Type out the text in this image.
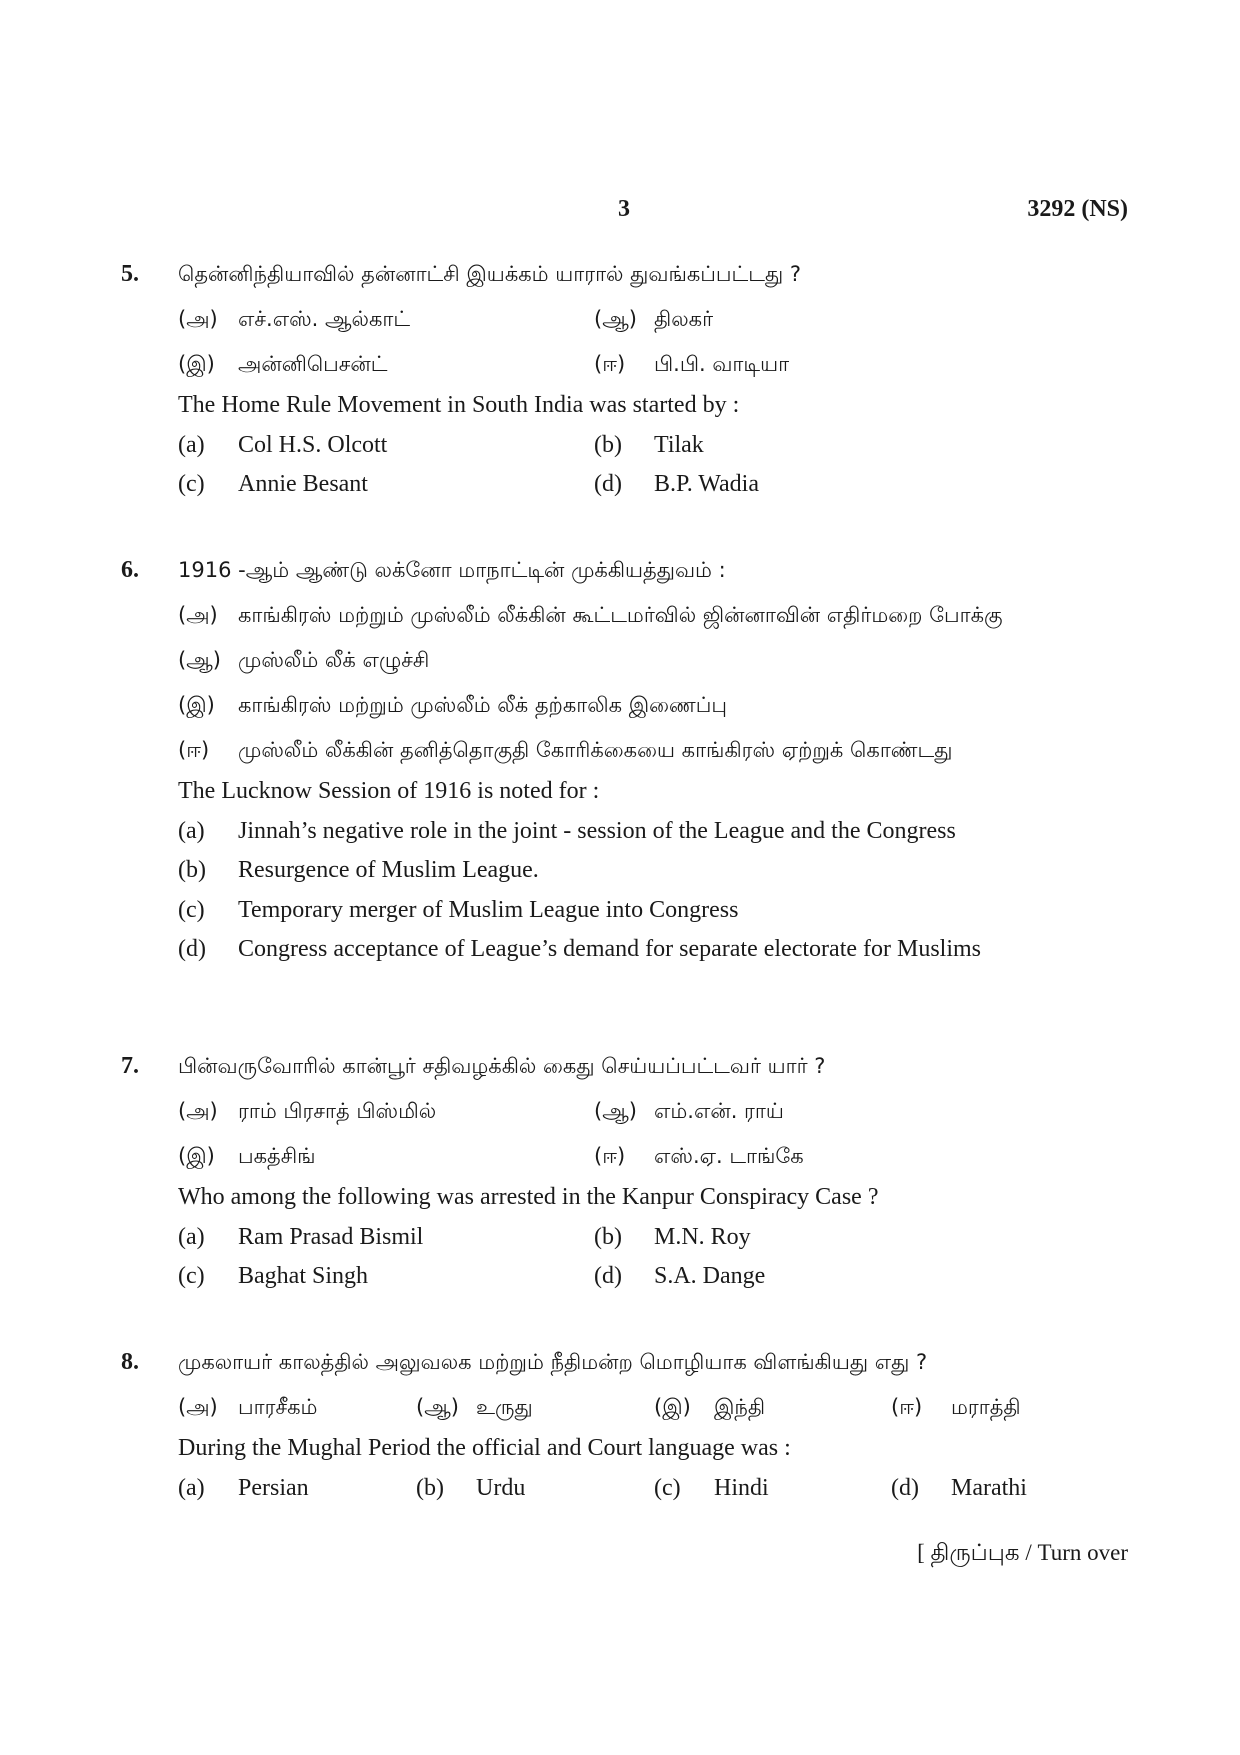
3	3292 (NS)
5.	தென்னிந்தியாவில் தன்னாட்சி இயக்கம் யாரால் துவங்கப்பட்டது ?
(அ) எச்.எஸ். ஆல்காட்	(ஆ) திலகர்
(இ)	அன்னிபெசன்ட்	(ஈ)	பி.பி. வாடியா
The Home Rule Movement in South India was started by :
(a)	Col H.S. Olcott	(b)	Tilak
(c)	Annie Besant	(d)	B.P. Wadia
6.	1916 -ஆம் ஆண்டு லக்னோ மாநாட்டின் முக்கியத்துவம் :
(அ) காங்கிரஸ் மற்றும் முஸ்லீம் லீக்கின் கூட்டமர்வில் ஜின்னாவின் எதிர்மறை போக்கு
(ஆ) முஸ்லீம் லீக் எழுச்சி
(இ)	காங்கிரஸ் மற்றும் முஸ்லீம் லீக் தற்காலிக இணைப்பு
(ஈ)	முஸ்லீம் லீக்கின் தனித்தொகுதி கோரிக்கையை காங்கிரஸ் ஏற்றுக் கொண்டது
The Lucknow Session of 1916 is noted for :
(a)	Jinnah’s negative role in the joint - session of the League and the Congress
(b)	Resurgence of Muslim League.
(c)	Temporary merger of Muslim League into Congress
(d)	Congress acceptance of League’s demand for separate electorate for Muslims
7.	பின்வருவோரில் கான்பூர் சதிவழக்கில் கைது செய்யப்பட்டவர் யார் ?
(அ) ராம் பிரசாத் பிஸ்மில்	(ஆ) எம்.என். ராய்
(இ)	பகத்சிங்	(ஈ)	எஸ்.ஏ. டாங்கே
Who among the following was arrested in the Kanpur Conspiracy Case ?
(a)	Ram Prasad Bismil	(b)	M.N. Roy
(c)	Baghat Singh	(d)	S.A. Dange
8.	முகலாயர் காலத்தில் அலுவலக மற்றும் நீதிமன்ற மொழியாக விளங்கியது எது ?
(அ) பாரசீகம்	(ஆ) உருது	(இ)	இந்தி	(ஈ)	மராத்தி
During the Mughal Period the official and Court language was :
(a)	Persian	(b)	Urdu	(c)	Hindi	(d)	Marathi
[ திருப்புக / Turn over
